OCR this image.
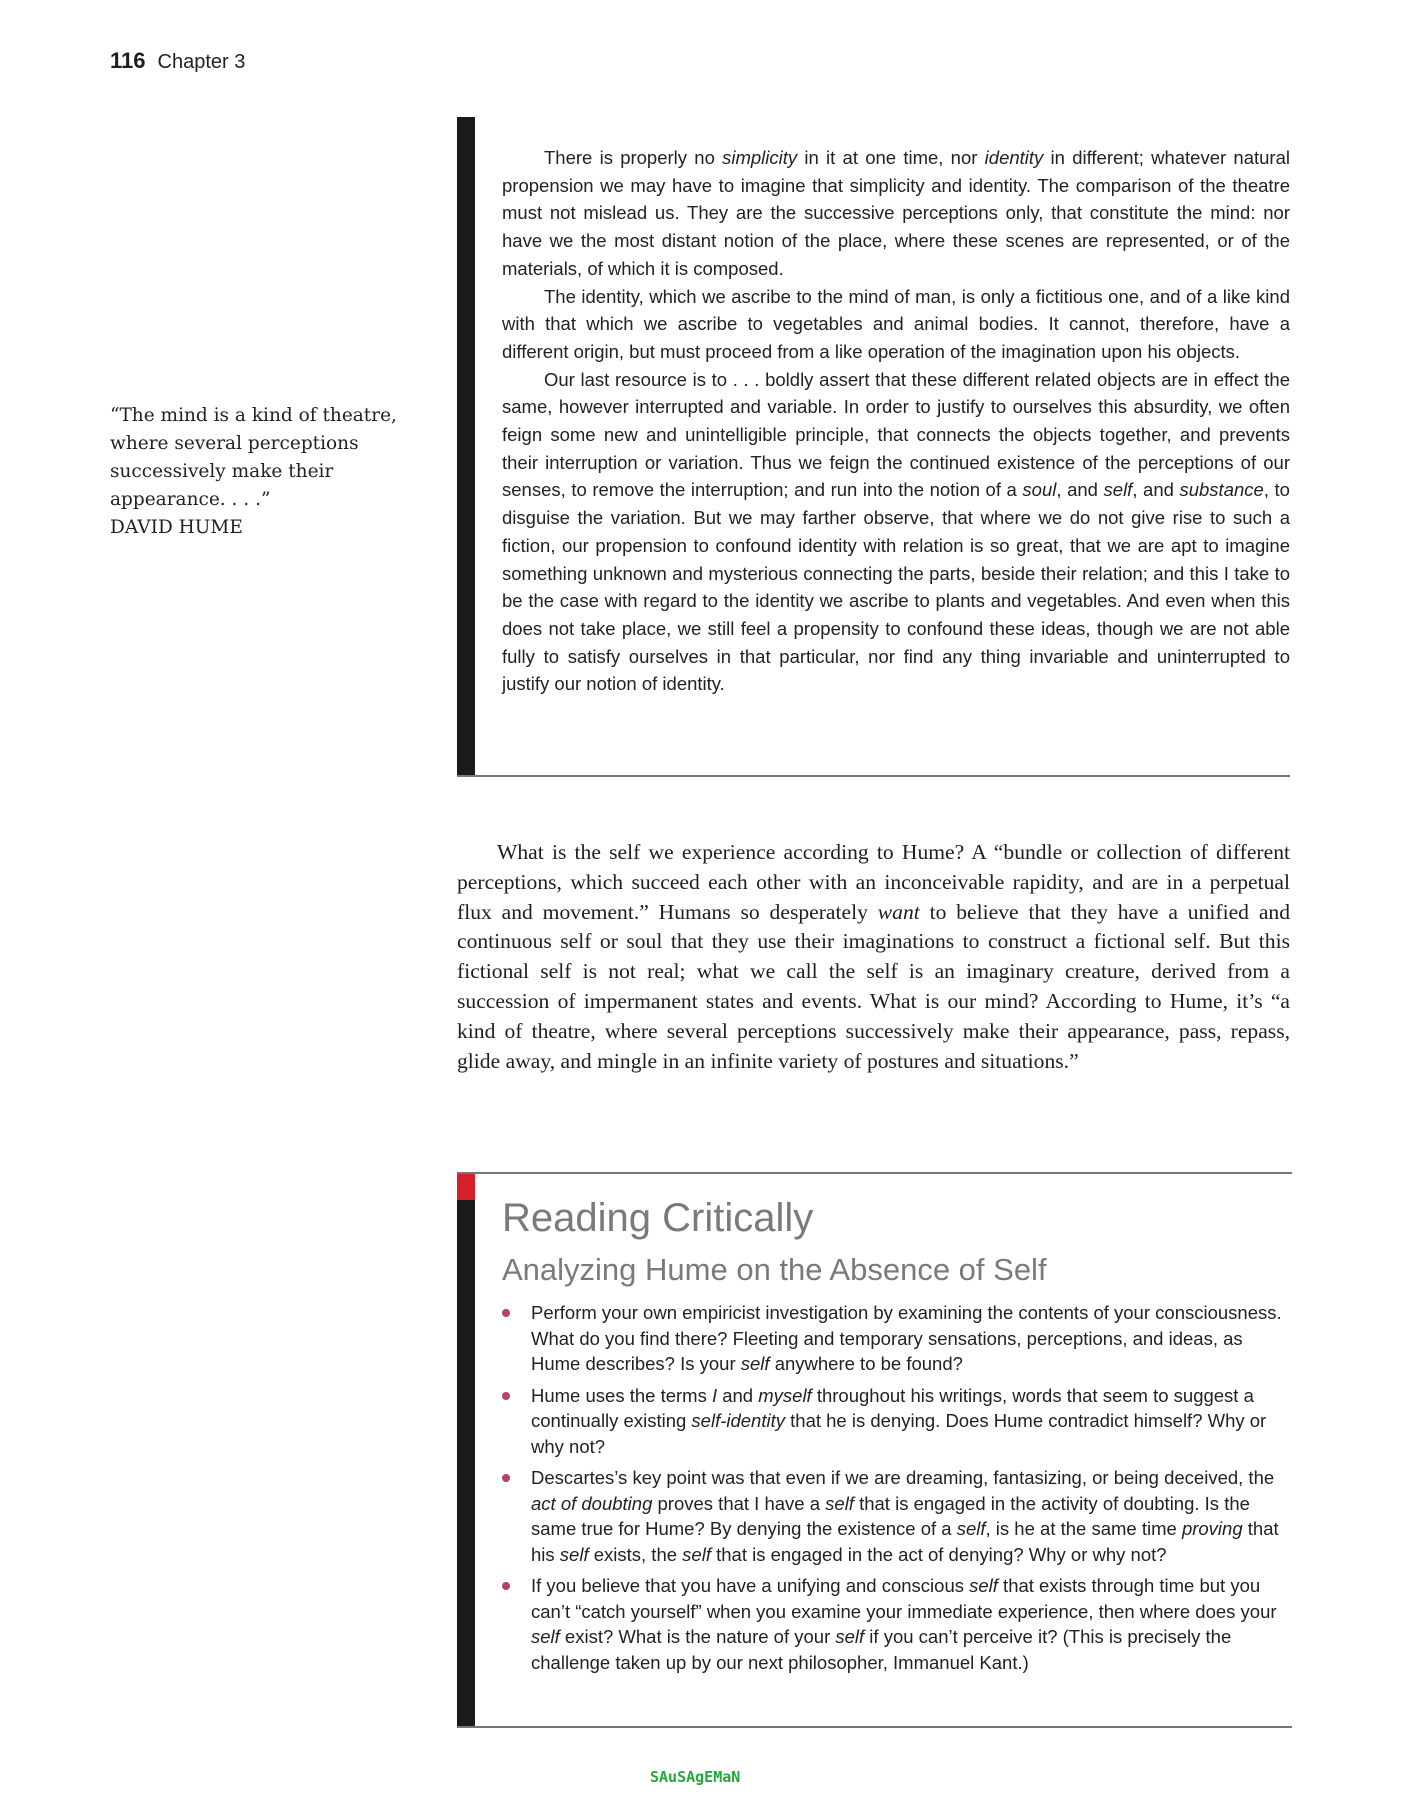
116 Chapter 3
“The mind is a kind of theatre, where several perceptions successively make their appearance. . . .”
DAVID HUME

There is properly no simplicity in it at one time, nor identity in different; whatever natural propension we may have to imagine that simplicity and identity. The comparison of the theatre must not mislead us. They are the successive perceptions only, that constitute the mind: nor have we the most distant notion of the place, where these scenes are represented, or of the materials, of which it is composed.

The identity, which we ascribe to the mind of man, is only a fictitious one, and of a like kind with that which we ascribe to vegetables and animal bodies. It cannot, therefore, have a different origin, but must proceed from a like operation of the imagination upon his objects.

Our last resource is to . . . boldly assert that these different related objects are in effect the same, however interrupted and variable. In order to justify to ourselves this absurdity, we often feign some new and unintelligible principle, that connects the objects together, and prevents their interruption or variation. Thus we feign the continued existence of the perceptions of our senses, to remove the interruption; and run into the notion of a soul, and self, and substance, to disguise the variation. But we may farther observe, that where we do not give rise to such a fiction, our propension to confound identity with relation is so great, that we are apt to imagine something unknown and mysterious connecting the parts, beside their relation; and this I take to be the case with regard to the identity we ascribe to plants and vegetables. And even when this does not take place, we still feel a propensity to confound these ideas, though we are not able fully to satisfy ourselves in that particular, nor find any thing invariable and uninterrupted to justify our notion of identity.

What is the self we experience according to Hume? A “bundle or collection of different perceptions, which succeed each other with an inconceivable rapidity, and are in a perpetual flux and movement.” Humans so desperately want to believe that they have a unified and continuous self or soul that they use their imaginations to construct a fictional self. But this fictional self is not real; what we call the self is an imaginary creature, derived from a succession of impermanent states and events. What is our mind? According to Hume, it’s “a kind of theatre, where several perceptions successively make their appearance, pass, repass, glide away, and mingle in an infinite variety of postures and situations.”

Reading Critically
Analyzing Hume on the Absence of Self
Perform your own empiricist investigation by examining the contents of your consciousness. What do you find there? Fleeting and temporary sensations, perceptions, and ideas, as Hume describes? Is your self anywhere to be found?
Hume uses the terms I and myself throughout his writings, words that seem to suggest a continually existing self-identity that he is denying. Does Hume contradict himself? Why or why not?
Descartes’s key point was that even if we are dreaming, fantasizing, or being deceived, the act of doubting proves that I have a self that is engaged in the activity of doubting. Is the same true for Hume? By denying the existence of a self, is he at the same time proving that his self exists, the self that is engaged in the act of denying? Why or why not?
If you believe that you have a unifying and conscious self that exists through time but you can’t “catch yourself” when you examine your immediate experience, then where does your self exist? What is the nature of your self if you can’t perceive it? (This is precisely the challenge taken up by our next philosopher, Immanuel Kant.)
SAuSAgEMaN
